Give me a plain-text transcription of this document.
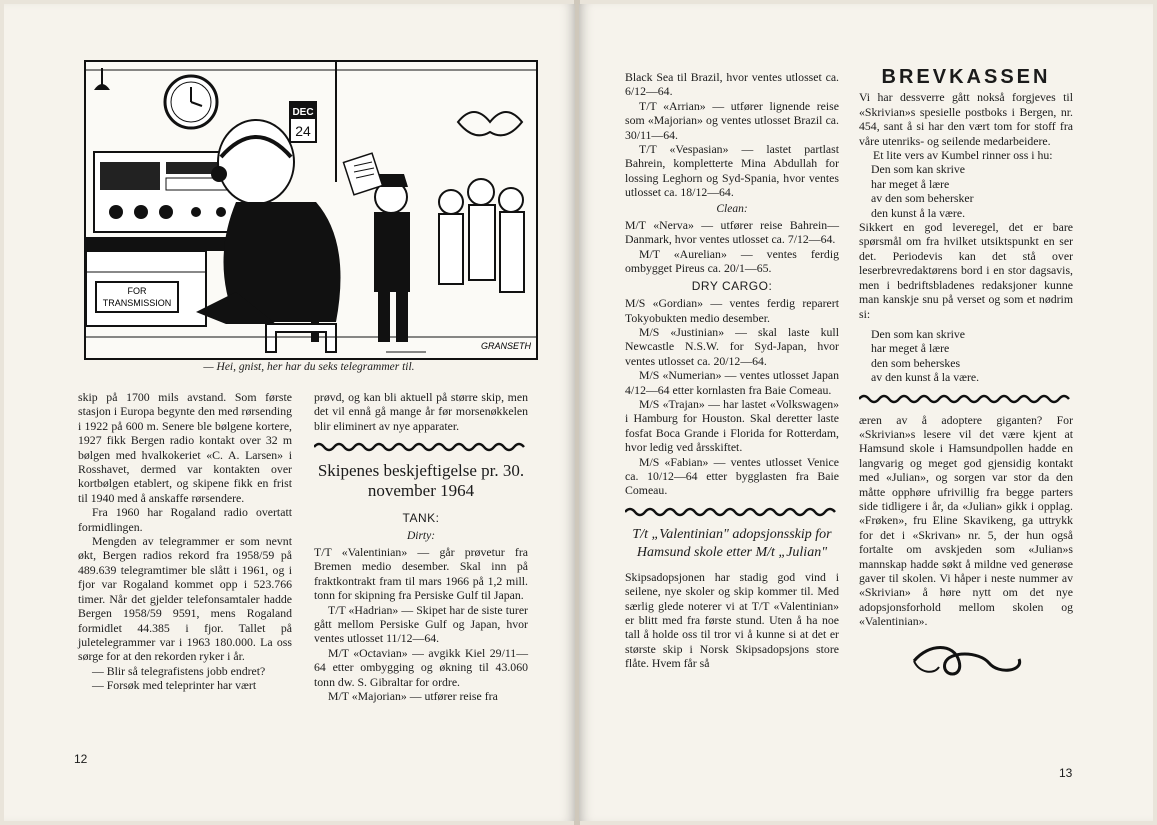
DEC
24
FOR
TRANSMISSION
GRANSETH
— Hei, gnist, her har du seks telegrammer til.

skip på 1700 mils avstand. Som første stasjon i Europa begynte den med rørsending i 1922 på 600 m. Senere ble bølgene kortere, 1927 fikk Bergen radio kontakt over 32 m bølgen med hvalkokeriet «C. A. Larsen» i Rosshavet, dermed var kontakten over kortbølgen etablert, og skipene fikk en frist til 1940 med å anskaffe rørsendere.

Fra 1960 har Rogaland radio overtatt formidlingen.

Mengden av telegrammer er som nevnt økt, Bergen radios rekord fra 1958/59 på 489.639 telegramtimer ble slått i 1961, og i fjor var Rogaland kommet opp i 523.766 timer. Når det gjelder telefonsamtaler hadde Bergen 1958/59 9591, mens Rogaland formidlet 44.385 i fjor. Tallet på juletelegrammer var i 1963 180.000. La oss sørge for at den rekorden ryker i år.

— Blir så telegrafistens jobb endret?

— Forsøk med teleprinter har vært

prøvd, og kan bli aktuell på større skip, men det vil ennå gå mange år før morsenøkkelen blir eliminert av nye apparater.

Skipenes beskjeftigelse pr. 30. november 1964
TANK:
Dirty:

T/T «Valentinian» — går prøvetur fra Bremen medio desember. Skal inn på fraktkontrakt fram til mars 1966 på 1,2 mill. tonn for skipning fra Persiske Gulf til Japan.

T/T «Hadrian» — Skipet har de siste turer gått mellom Persiske Gulf og Japan, hvor ventes utlosset 11/12—64.

M/T «Octavian» — avgikk Kiel 29/11—64 etter ombygging og økning til 43.060 tonn dw. S. Gibraltar for ordre.

M/T «Majorian» — utfører reise fra

12

Black Sea til Brazil, hvor ventes utlosset ca. 6/12—64.

T/T «Arrian» — utfører lignende reise som «Majorian» og ventes utlosset Brazil ca. 30/11—64.

T/T «Vespasian» — lastet partlast Bahrein, kompletterte Mina Abdullah for lossing Leghorn og Syd-Spania, hvor ventes utlosset ca. 18/12—64.

Clean:

M/T «Nerva» — utfører reise Bahrein—Danmark, hvor ventes utlosset ca. 7/12—64.

M/T «Aurelian» — ventes ferdig ombygget Pireus ca. 20/1—65.

DRY CARGO:

M/S «Gordian» — ventes ferdig reparert Tokyobukten medio desember.

M/S «Justinian» — skal laste kull Newcastle N.S.W. for Syd-Japan, hvor ventes utlosset ca. 20/12—64.

M/S «Numerian» — ventes utlosset Japan 4/12—64 etter kornlasten fra Baie Comeau.

M/S «Trajan» — har lastet «Volkswagen» i Hamburg for Houston. Skal deretter laste fosfat Boca Grande i Florida for Rotterdam, hvor ledig ved årsskiftet.

M/S «Fabian» — ventes utlosset Venice ca. 10/12—64 etter bygglasten fra Baie Comeau.

T/t „Valentinian" adopsjonsskip for Hamsund skole etter M/t „Julian"

Skipsadopsjonen har stadig god vind i seilene, nye skoler og skip kommer til. Med særlig glede noterer vi at T/T «Valentinian» er blitt med fra første stund. Uten å ha noe tall å holde oss til tror vi å kunne si at det er største skip i Norsk Skipsadopsjons store flåte. Hvem får så

BREVKASSEN

Vi har dessverre gått nokså forgjeves til «Skrivian»s spesielle postboks i Bergen, nr. 454, sant å si har den vært tom for stoff fra våre utenriks- og seilende medarbeidere.

Et lite vers av Kumbel rinner oss i hu:

Den som kan skrive
har meget å lære
av den som behersker
den kunst å la være.

Sikkert en god leveregel, det er bare spørsmål om fra hvilket utsiktspunkt en ser det. Periodevis kan det stå over leserbrevredaktørens bord i en stor dagsavis, men i bedriftsbladenes redaksjoner kunne man kanskje snu på verset og som et nødrim si:

Den som kan skrive
har meget å lære
den som beherskes
av den kunst å la være.

æren av å adoptere giganten? For «Skrivian»s lesere vil det være kjent at Hamsund skole i Hamsundpollen hadde en langvarig og meget god gjensidig kontakt med «Julian», og sorgen var stor da den måtte opphøre ufrivillig fra begge parters side tidligere i år, da «Julian» gikk i opplag. «Frøken», fru Eline Skavikeng, ga uttrykk for det i «Skrivan» nr. 5, der hun også fortalte om avskjeden som «Julian»s mannskap hadde søkt å mildne ved generøse gaver til skolen. Vi håper i neste nummer av «Skrivian» å høre nytt om det nye adopsjonsforhold mellom skolen og «Valentinian».

13
